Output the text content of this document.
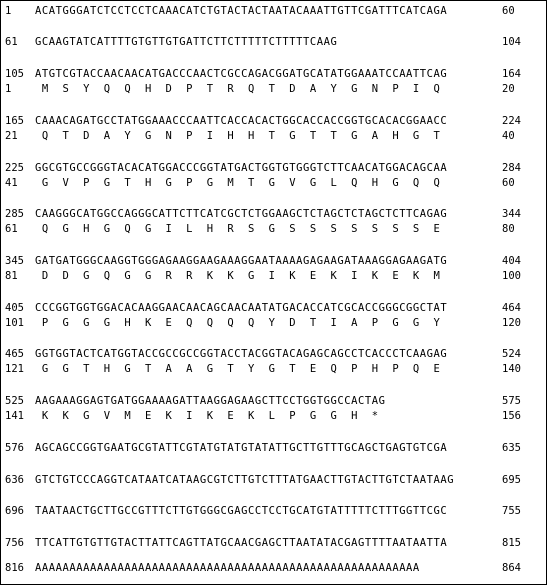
1 ACATGGGATCTCCTCCTCAAACATCTGTACTACTAATACAAATTGTTCGATTTCATCAGA	60
61 GCAAGTATCATTTTGTGTTGTGATTCTTCTTTTTCTTTTTCAAG	104
105 ATGTCGTACCAACAACATGACCCAACTCGCCAGACGGATGCATATGGAAATCCAATTCAG	164
1 M  S  Y  Q  Q  H  D  P  T  R  Q  T  D  A  Y  G  N  P  I  Q	20
165 CAAACAGATGCCTATGGAAACCCAATTCACCACACTGGCACCACCGGTGCACACGGAACC	224
21 Q  T  D  A  Y  G  N  P  I  H  H  T  G  T  T  G  A  H  G  T	40
225 GGCGTGCCGGGTACACATGGACCCGGTATGACTGGTGTGGGTCTTCAACATGGACAGCAA	284
41 G  V  P  G  T  H  G  P  G  M  T  G  V  G  L  Q  H  G  Q  Q	60
285 CAAGGGCATGGCCAGGGCATTCTTCATCGCTCTGGAAGCTCTAGCTCTAGCTCTTCAGAG	344
61 Q  G  H  G  Q  G  I  L  H  R  S  G  S  S  S  S  S  S  S  E	80
345 GATGATGGGCAAGGTGGGAGAAGGAAGAAAGGAATAAAAGAGAAGATAAAGGAGAAGATG	404
81 D  D  G  Q  G  G  R  R  K  K  G  I  K  E  K  I  K  E  K  M	100
405 CCCGGTGGTGGACACAAGGAACAACAGCAACAATATGACACCATCGCACCGGGCGGCTAT	464
101 P  G  G  G  H  K  E  Q  Q  Q  Q  Y  D  T  I  A  P  G  G  Y	120
465 GGTGGTACTCATGGTACCGCCGCCGGTACCTACGGTACAGAGCAGCCTCACCCTCAAGAG	524
121 G  G  T  H  G  T  A  A  G  T  Y  G  T  E  Q  P  H  P  Q  E	140
525 AAGAAAGGAGTGATGGAAAAGATTAAGGAGAAGCTTCCTGGTGGCCACTAG	575
141 K  K  G  V  M  E  K  I  K  E  K  L  P  G  G  H  *	156
576 AGCAGCCGGTGAATGCGTATTCGTATGTATGTATATTGCTTGTTTGCAGCTGAGTGTCGA	635
636 GTCTGTCCCAGGTCATAATCATAAGCGTCTTGTCTTTATGAACTTGTACTTGTCTAATAAG	695
696 TAATAACTGCTTGCCGTTTCTTGTGGGCGAGCCTCCTGCATGTATTTTTCTTTGGTTCGC	755
756 TTCATTGTGTTGTACTTATTCAGTTATGCAACGAGCTTAATATACGAGTTTTAATAATTA	815
816 AAAAAAAAAAAAAAAAAAAAAAAAAAAAAAAAAAAAAAAAAAAAAAAAAAAAAAAA	864
